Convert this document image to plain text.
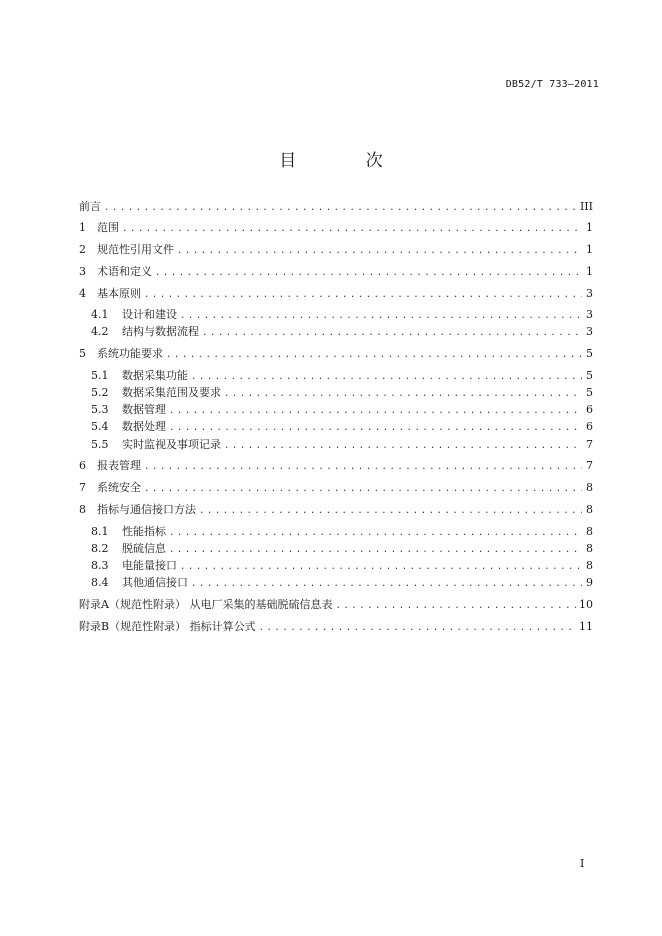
DB52/T 733—2011
目 次
前言 .....	III
1	范围 .....	1
2	规范性引用文件 .....	1
3	术语和定义 .....	1
4	基本原则 .....	3
4.1	设计和建设 .....	3
4.2	结构与数据流程 .....	3
5	系统功能要求 .....	5
5.1	数据采集功能 .....	5
5.2	数据采集范围及要求 .....	5
5.3	数据管理 .....	6
5.4	数据处理 .....	6
5.5	实时监视及事项记录 .....	7
6	报表管理 .....	7
7	系统安全 .....	8
8	指标与通信接口方法 .....	8
8.1	性能指标 .....	8
8.2	脱硫信息 .....	8
8.3	电能量接口 .....	8
8.4	其他通信接口 .....	9
附录A（规范性附录） 从电厂采集的基础脱硫信息表 .....	10
附录B（规范性附录） 指标计算公式 .....	11
I
